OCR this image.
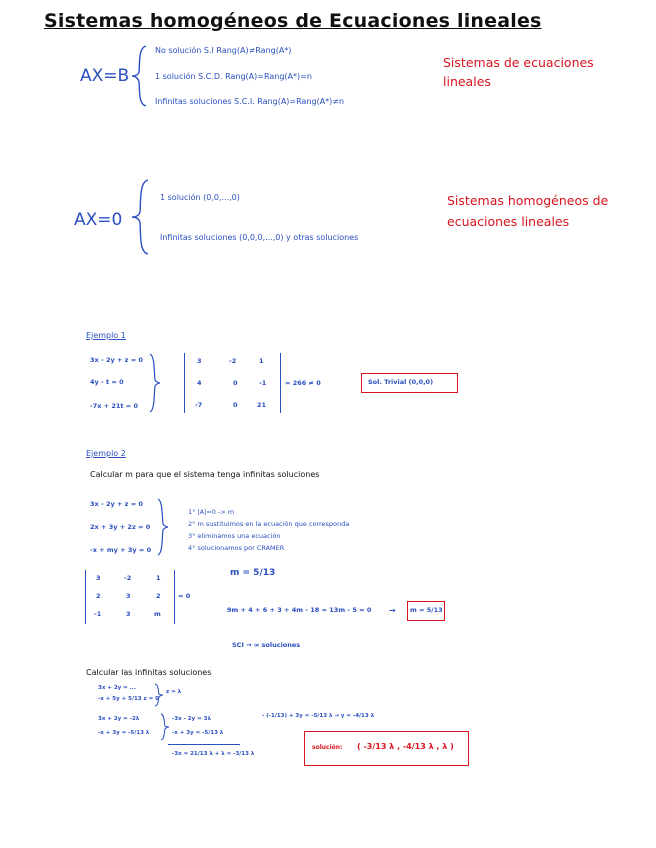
Sistemas homogéneos de Ecuaciones lineales
AX=B
No solución S.I Rang(A)≠Rang(A*)
1 solución S.C.D. Rang(A)=Rang(A*)=n
Infinitas soluciones S.C.I. Rang(A)=Rang(A*)≠n
Sistemas de ecuaciones
lineales
AX=0
1 solución (0,0,...,0)
Infinitas soluciones (0,0,0,...,0) y otras soluciones
Sistemas homogéneos de
ecuaciones lineales
Ejemplo 1
3x - 2y + z = 0
4y - t = 0
-7x + 21t = 0
3	-2	1
4	0	-1
-7	0	21
= 266 ≠ 0	Sol. Trivial (0,0,0)
Ejemplo 2
Calcular m para que el sistema tenga infinitas soluciones
3x - 2y + z = 0
2x + 3y + 2z = 0
-x + my + 3y = 0
1° |A|=0 -> m
2° m sustituimos en la ecuación que corresponda
3° eliminamos una ecuación
4° solucionamos por CRAMER
3	-2	1
2	3	2
-1	3	m
= 0
m = 5/13
9m + 4 + 6 + 3 + 4m - 18 = 13m - 5 = 0 → m = 5/13
SCI → ∞ soluciones
Calcular las infinitas soluciones
3x + 2y = ...
-x + 5y + 5/13 z = 0
z = λ
3x + 2y = -2λ
-x + 3y = -5/13 λ
-3x - 2y = 3λ
-x + 3y = -5/13 λ
-3x = 21/13 λ + λ = -3/13 λ
- (-1/13) + 3y = -5/13 λ → y = -4/13 λ
solución: ( -3/13 λ , -4/13 λ , λ )
